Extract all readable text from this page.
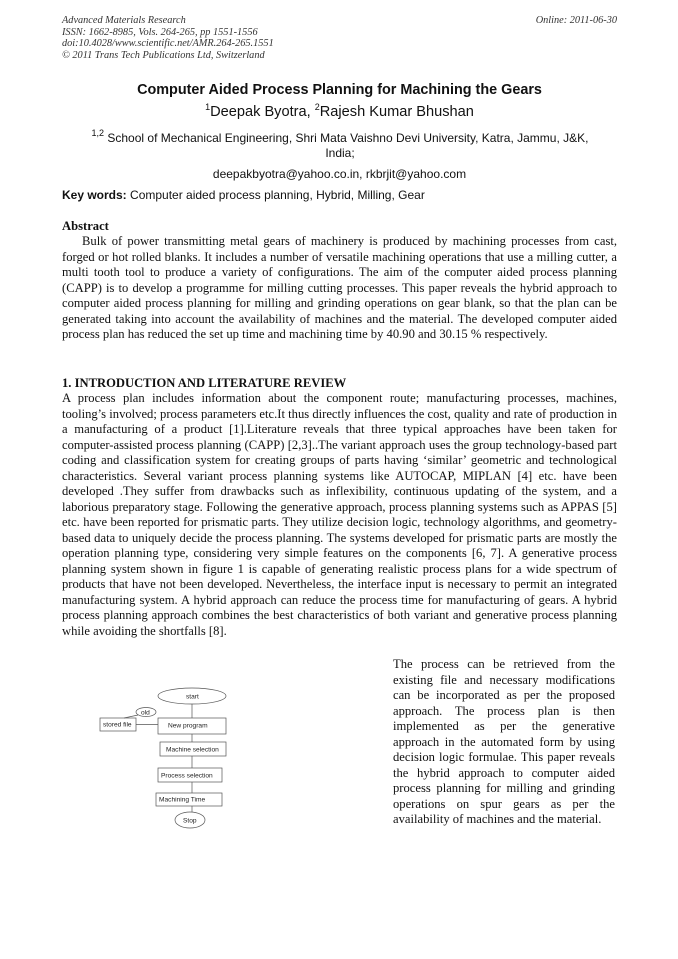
Advanced Materials Research
ISSN: 1662-8985, Vols. 264-265, pp 1551-1556
doi:10.4028/www.scientific.net/AMR.264-265.1551
© 2011 Trans Tech Publications Ltd, Switzerland
Online: 2011-06-30
Computer Aided Process Planning for Machining the Gears
$^1$Deepak Byotra, $^2$Rajesh Kumar Bhushan
$^{1,2}$ School of Mechanical Engineering, Shri Mata Vaishno Devi University, Katra, Jammu, J&K, India;
deepakbyotra@yahoo.co.in, rkbrjit@yahoo.com
Key words: Computer aided process planning, Hybrid, Milling, Gear
Abstract
Bulk of power transmitting metal gears of machinery is produced by machining processes from cast, forged or hot rolled blanks. It includes a number of versatile machining operations that use a milling cutter, a multi tooth tool to produce a variety of configurations. The aim of the computer aided process planning (CAPP) is to develop a programme for milling cutting processes. This paper reveals the hybrid approach to computer aided process planning for milling and grinding operations on gear blank, so that the plan can be generated taking into account the availability of machines and the material. The developed computer aided process plan has reduced the set up time and machining time by 40.90 and 30.15 % respectively.
1. INTRODUCTION AND LITERATURE REVIEW
A process plan includes information about the component route; manufacturing processes, machines, tooling’s involved; process parameters etc.It thus directly influences the cost, quality and rate of production in a manufacturing of a product [1].Literature reveals that three typical approaches have been taken for computer-assisted process planning (CAPP) [2,3]..The variant approach uses the group technology-based part coding and classification system for creating groups of parts having ‘similar’ geometric and technological characteristics. Several variant process planning systems like AUTOCAP, MIPLAN [4] etc. have been developed .They suffer from drawbacks such as inflexibility, continuous updating of the system, and a laborious preparatory stage. Following the generative approach, process planning systems such as APPAS [5] etc. have been reported for prismatic parts. They utilize decision logic, technology algorithms, and geometry-based data to uniquely decide the process planning. The systems developed for prismatic parts are mostly the operation planning type, considering very simple features on the components [6, 7]. A generative process planning system shown in figure 1 is capable of generating realistic process plans for a wide spectrum of products that have not been developed. Nevertheless, the interface input is necessary to permit an integrated manufacturing system. A hybrid approach can reduce the process time for manufacturing of gears. A hybrid process planning approach combines the best characteristics of both variant and generative process planning while avoiding the shortfalls [8].
The process can be retrieved from the existing file and necessary modifications can be incorporated as per the proposed approach. The process plan is then implemented as per the generative approach in the automated form by using decision logic formulae. This paper reveals the hybrid approach to computer aided process planning for milling and grinding operations on spur gears as per the availability of machines and the material.
start
old
stored file	New program
Machine selection
Process selection
Machining Time
Stop
